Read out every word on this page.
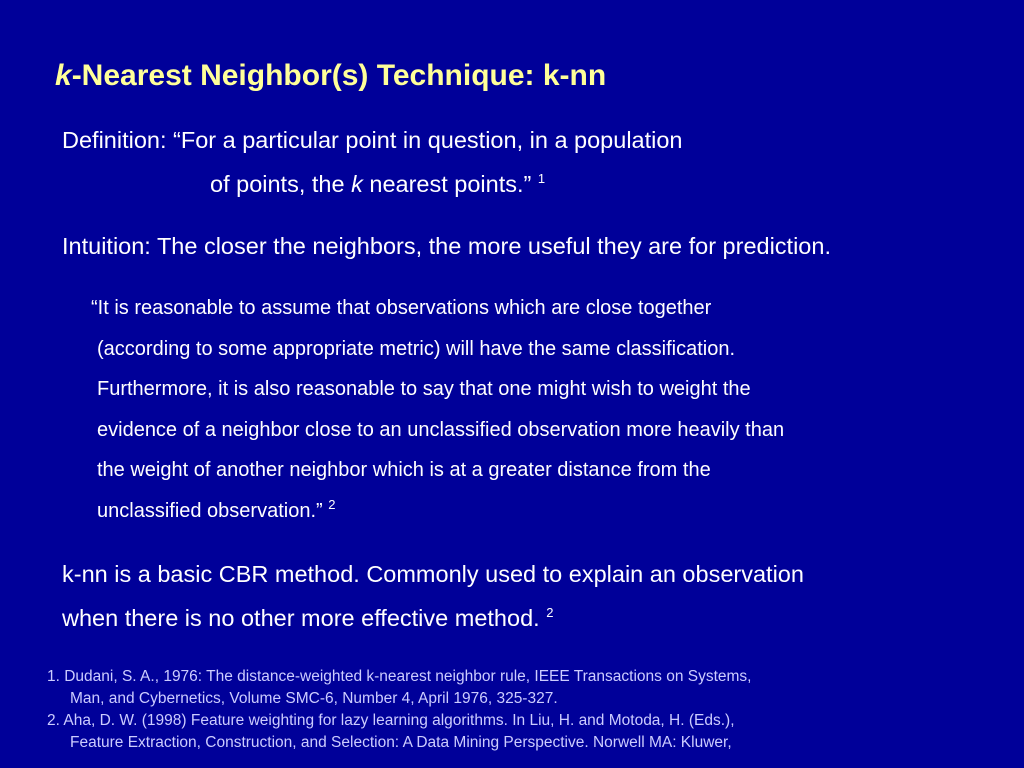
k-Nearest Neighbor(s) Technique: k-nn
Definition: “For a particular point in question, in a population
of points, the k nearest points.” $^1$
Intuition: The closer the neighbors, the more useful they are for prediction.
“It is reasonable to assume that observations which are close together
(according to some appropriate metric) will have the same classification.
Furthermore, it is also reasonable to say that one might wish to weight the
evidence of a neighbor close to an unclassified observation more heavily than
the weight of another neighbor which is at a greater distance from the
unclassified observation.” $^2$
k-nn is a basic CBR method. Commonly used to explain an observation
when there is no other more effective method. $^2$
1. Dudani, S. A., 1976: The distance-weighted k-nearest neighbor rule, IEEE Transactions on Systems,
Man, and Cybernetics, Volume SMC-6, Number 4, April 1976, 325-327.
2. Aha, D. W. (1998) Feature weighting for lazy learning algorithms. In Liu, H. and Motoda, H. (Eds.),
Feature Extraction, Construction, and Selection: A Data Mining Perspective. Norwell MA: Kluwer,
